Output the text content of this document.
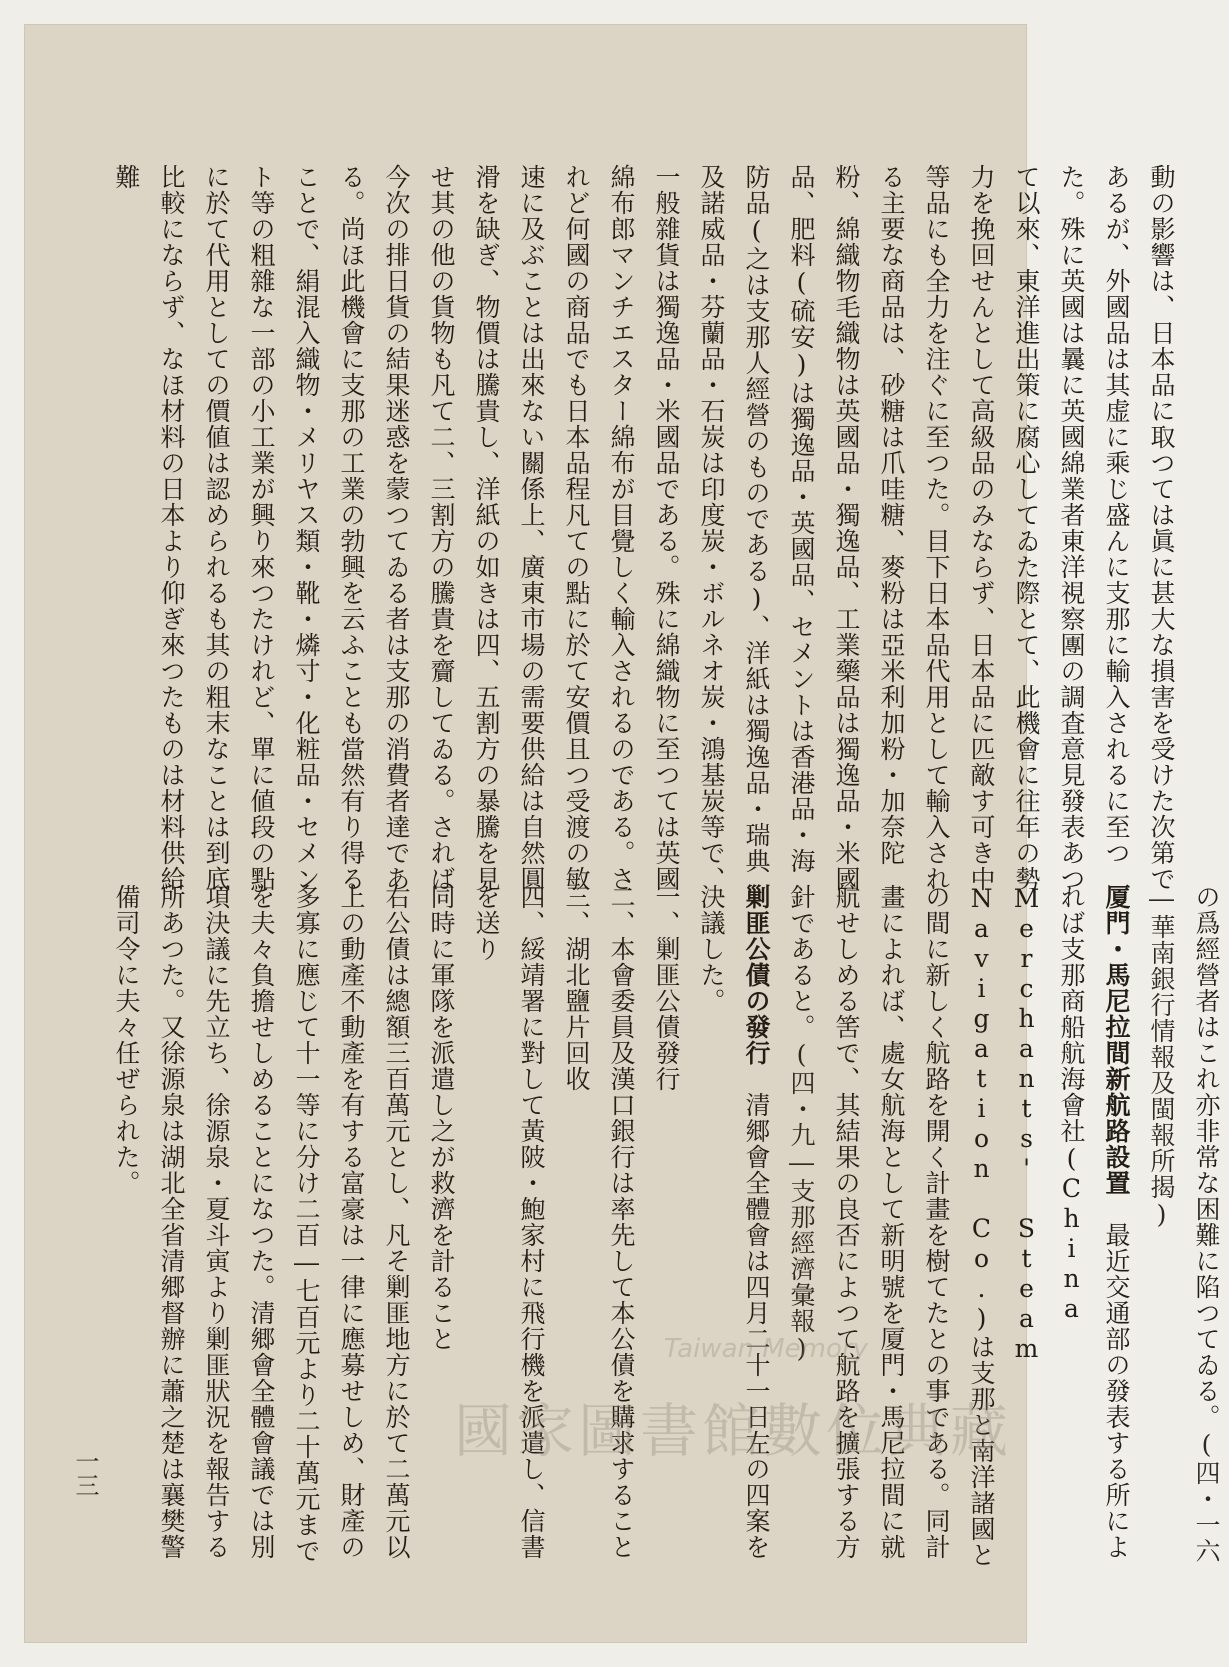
動の影響は、日本品に取つては眞に甚大な損害を受けた次第であるが、外國品は其虚に乘じ盛んに支那に輸入されるに至つた。殊に英國は曩に英國綿業者東洋視察團の調査意見發表あつて以來、東洋進出策に腐心してゐた際とて、此機會に往年の勢力を挽回せんとして高級品のみならず、日本品に匹敵す可き中等品にも全力を注ぐに至つた。目下日本品代用として輸入される主要な商品は、砂糖は爪哇糖、麥粉は亞米利加粉・加奈陀粉、綿織物毛織物は英國品・獨逸品、工業藥品は獨逸品・米國品、肥料(硫安)は獨逸品・英國品、セメントは香港品・海防品(之は支那人經營のものである)、洋紙は獨逸品・瑞典及諾威品・芬蘭品・石炭は印度炭・ボルネオ炭・鴻基炭等で、一般雜貨は獨逸品・米國品である。殊に綿織物に至つては英國綿布郎マンチエスター綿布が目覺しく輸入されるのである。されど何國の商品でも日本品程凡ての點に於て安價且つ受渡の敏速に及ぶことは出來ない關係上、廣東市場の需要供給は自然圓滑を缺ぎ、物價は騰貴し、洋紙の如きは四、五割方の暴騰を見せ其の他の貨物も凡て二、三割方の騰貴を齎してゐる。されば今次の排日貨の結果迷惑を蒙つてゐる者は支那の消費者達である。尚ほ此機會に支那の工業の勃興を云ふことも當然有り得ることで、絹混入織物・メリヤス類・靴・燐寸・化粧品・セメント等の粗雜な一部の小工業が興り來つたけれど、單に値段の點に於て代用としての價値は認められるも其の粗末なことは到底比較にならず、なほ材料の日本より仰ぎ來つたものは材料供給難

の爲經營者はこれ亦非常な困難に陷つてゐる。(四・一六―華南銀行情報及閩報所揭)

厦門・馬尼拉間新航路設置　最近交通部の發表する所によれば支那商船航海會社(China Merchants' Steam Navigation Co.)は支那と南洋諸國との間に新しく航路を開く計畫を樹てたとの事である。同計畫によれば、處女航海として新明號を厦門・馬尼拉間に就航せしめる筈で、其結果の良否によつて航路を擴張する方針であると。(四・九―支那經濟彙報)

剿匪公債の發行　清郷會全體會は四月二十一日左の四案を決議した。

一、剿匪公債發行
二、本會委員及漢口銀行は率先して本公債を購求すること
三、湖北鹽片回收
四、綏靖署に對して黃陂・鮑家村に飛行機を派遣し、信書を送り

同時に軍隊を派遣し之が救濟を計ること

右公債は總額三百萬元とし、凡そ剿匪地方に於て二萬元以上の動產不動產を有する富豪は一律に應募せしめ、財產の多寡に應じて十一等に分け二百―七百元より二十萬元までを夫々負擔せしめることになつた。清郷會全體會議では別項決議に先立ち、徐源泉・夏斗寅より剿匪狀況を報告する所あつた。又徐源泉は湖北全省清郷督辦に蕭之楚は襄樊警備司令に夫々任ぜられた。

一三
Taiwan Memory
國家圖書館數位典藏
